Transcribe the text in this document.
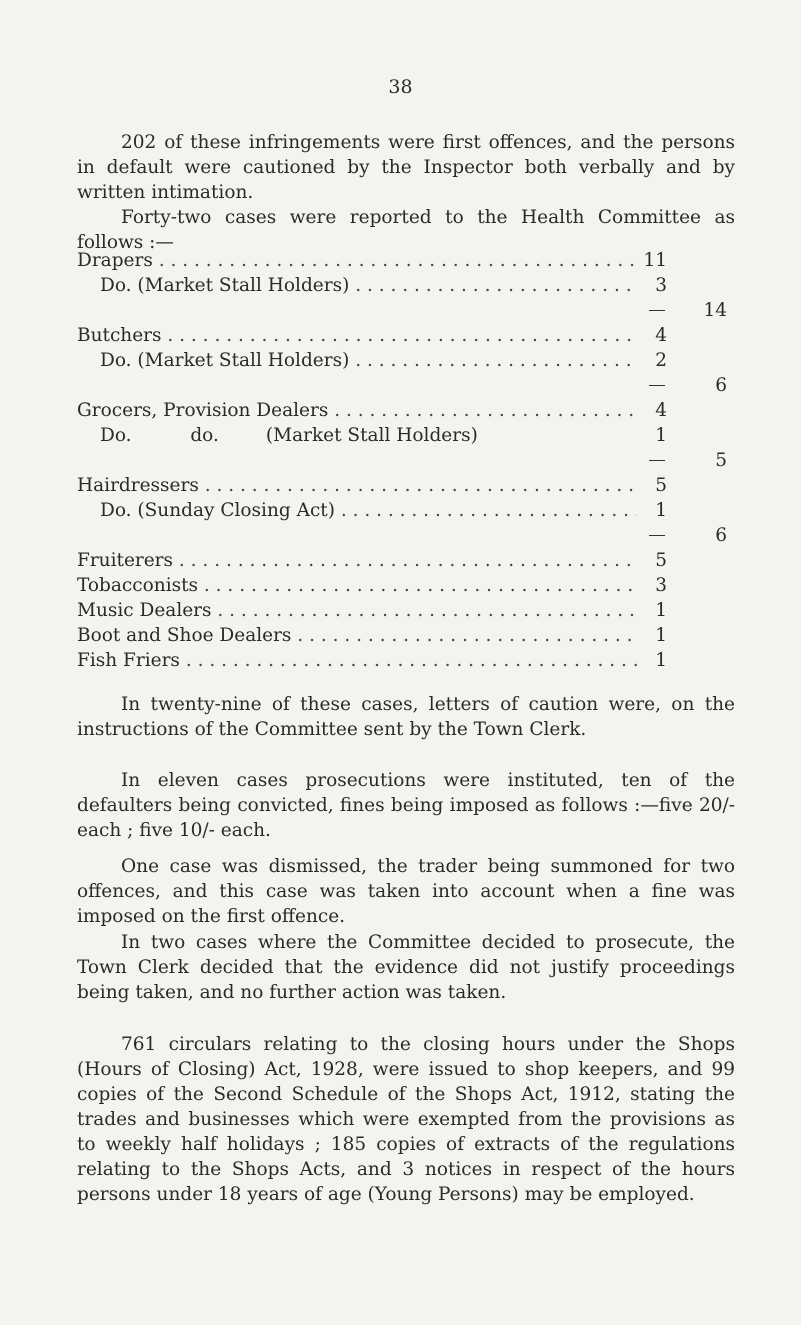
38

202 of these infringements were first offences, and the persons in default were cautioned by the Inspector both verbally and by written intimation.

Forty-two cases were reported to the Health Committee as follows :—

Drapers . . .	11
Do. (Market Stall Holders) . . .	3
14
Butchers . . .	4
Do. (Market Stall Holders) . . .	2
6
Grocers, Provision Dealers . . .	4
Do.          do.        (Market Stall Holders)	1
5
Hairdressers . . .	5
Do. (Sunday Closing Act) . . .	1
6
Fruiterers . . .	5
Tobacconists . . .	3
Music Dealers . . .	1
Boot and Shoe Dealers . . .	1
Fish Friers . . .	1

In twenty-nine of these cases, letters of caution were, on the instructions of the Committee sent by the Town Clerk.

In eleven cases prosecutions were instituted, ten of the defaulters being convicted, fines being imposed as follows :—five 20/- each ; five 10/- each.

One case was dismissed, the trader being summoned for two offences, and this case was taken into account when a fine was imposed on the first offence.

In two cases where the Committee decided to prosecute, the Town Clerk decided that the evidence did not justify proceedings being taken, and no further action was taken.

761 circulars relating to the closing hours under the Shops (Hours of Closing) Act, 1928, were issued to shop keepers, and 99 copies of the Second Schedule of the Shops Act, 1912, stating the trades and businesses which were exempted from the provisions as to weekly half holidays ; 185 copies of extracts of the regulations relating to the Shops Acts, and 3 notices in respect of the hours persons under 18 years of age (Young Persons) may be employed.
